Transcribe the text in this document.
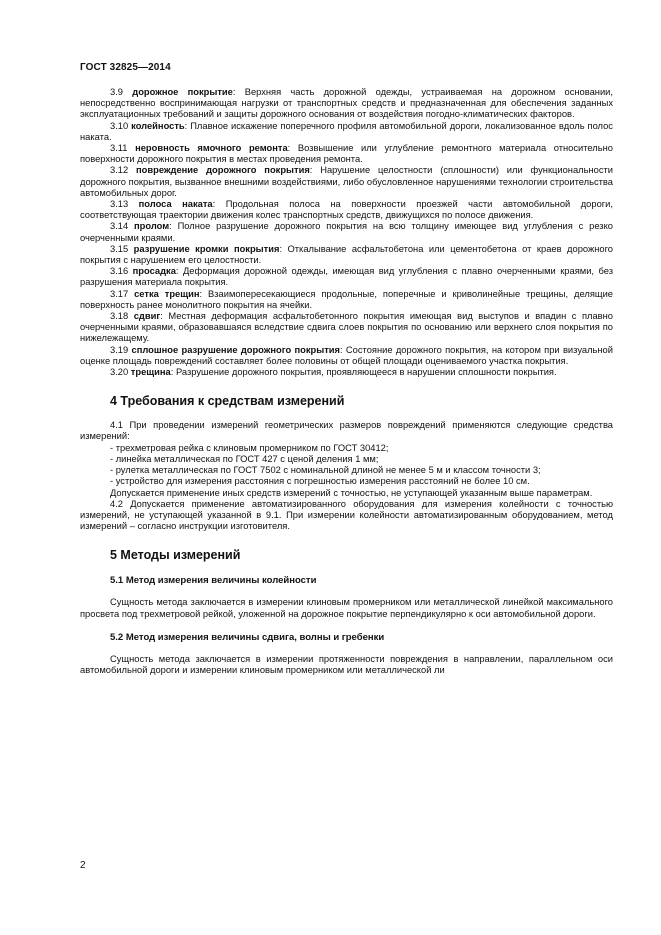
ГОСТ 32825—2014

3.9 дорожное покрытие: Верхняя часть дорожной одежды, устраиваемая на дорожном основании, непосредственно воспринимающая нагрузки от транспортных средств и предназначенная для обеспечения заданных эксплуатационных требований и защиты дорожного основания от воздействия погодно-климатических факторов.

3.10 колейность: Плавное искажение поперечного профиля автомобильной дороги, локализованное вдоль полос наката.

3.11 неровность ямочного ремонта: Возвышение или углубление ремонтного материала относительно поверхности дорожного покрытия в местах проведения ремонта.

3.12 повреждение дорожного покрытия: Нарушение целостности (сплошности) или функциональности дорожного покрытия, вызванное внешними воздействиями, либо обусловленное нарушениями технологии строительства автомобильных дорог.

3.13 полоса наката: Продольная полоса на поверхности проезжей части автомобильной дороги, соответствующая траектории движения колес транспортных средств, движущихся по полосе движения.

3.14 пролом: Полное разрушение дорожного покрытия на всю толщину имеющее вид углубления с резко очерченными краями.

3.15 разрушение кромки покрытия: Откалывание асфальтобетона или цементобетона от краев дорожного покрытия с нарушением его целостности.

3.16 просадка: Деформация дорожной одежды, имеющая вид углубления с плавно очерченными краями, без разрушения материала покрытия.

3.17 сетка трещин: Взаимопересекающиеся продольные, поперечные и криволинейные трещины, делящие поверхность ранее монолитного покрытия на ячейки.

3.18 сдвиг: Местная деформация асфальтобетонного покрытия имеющая вид выступов и впадин с плавно очерченными краями, образовавшаяся вследствие сдвига слоев покрытия по основанию или верхнего слоя покрытия по нижележащему.

3.19 сплошное разрушение дорожного покрытия: Состояние дорожного покрытия, на котором при визуальной оценке площадь повреждений составляет более половины от общей площади оцениваемого участка покрытия.

3.20 трещина: Разрушение дорожного покрытия, проявляющееся в нарушении сплошности покрытия.

4 Требования к средствам измерений

4.1 При проведении измерений геометрических размеров повреждений применяются следующие средства измерений:

- трехметровая рейка с клиновым промерником по ГОСТ 30412;

- линейка металлическая по ГОСТ 427 с ценой деления 1 мм;

- рулетка металлическая по ГОСТ 7502 с номинальной длиной не менее 5 м и классом точности 3;

- устройство для измерения расстояния с погрешностью измерения расстояний не более 10 см.

Допускается применение иных средств измерений с точностью, не уступающей указанным выше параметрам.

4.2 Допускается применение автоматизированного оборудования для измерения колейности с точностью измерений, не уступающей указанной в 9.1. При измерении колейности автоматизированным оборудованием, метод измерений – согласно инструкции изготовителя.

5 Методы измерений
5.1 Метод измерения величины колейности

Сущность метода заключается в измерении клиновым промерником или металлической линейкой максимального просвета под трехметровой рейкой, уложенной на дорожное покрытие перпендикулярно к оси автомобильной дороги.

5.2 Метод измерения величины сдвига, волны и гребенки

Сущность метода заключается в измерении протяженности повреждения в направлении, параллельном оси автомобильной дороги и измерении клиновым промерником или металлической ли

2
